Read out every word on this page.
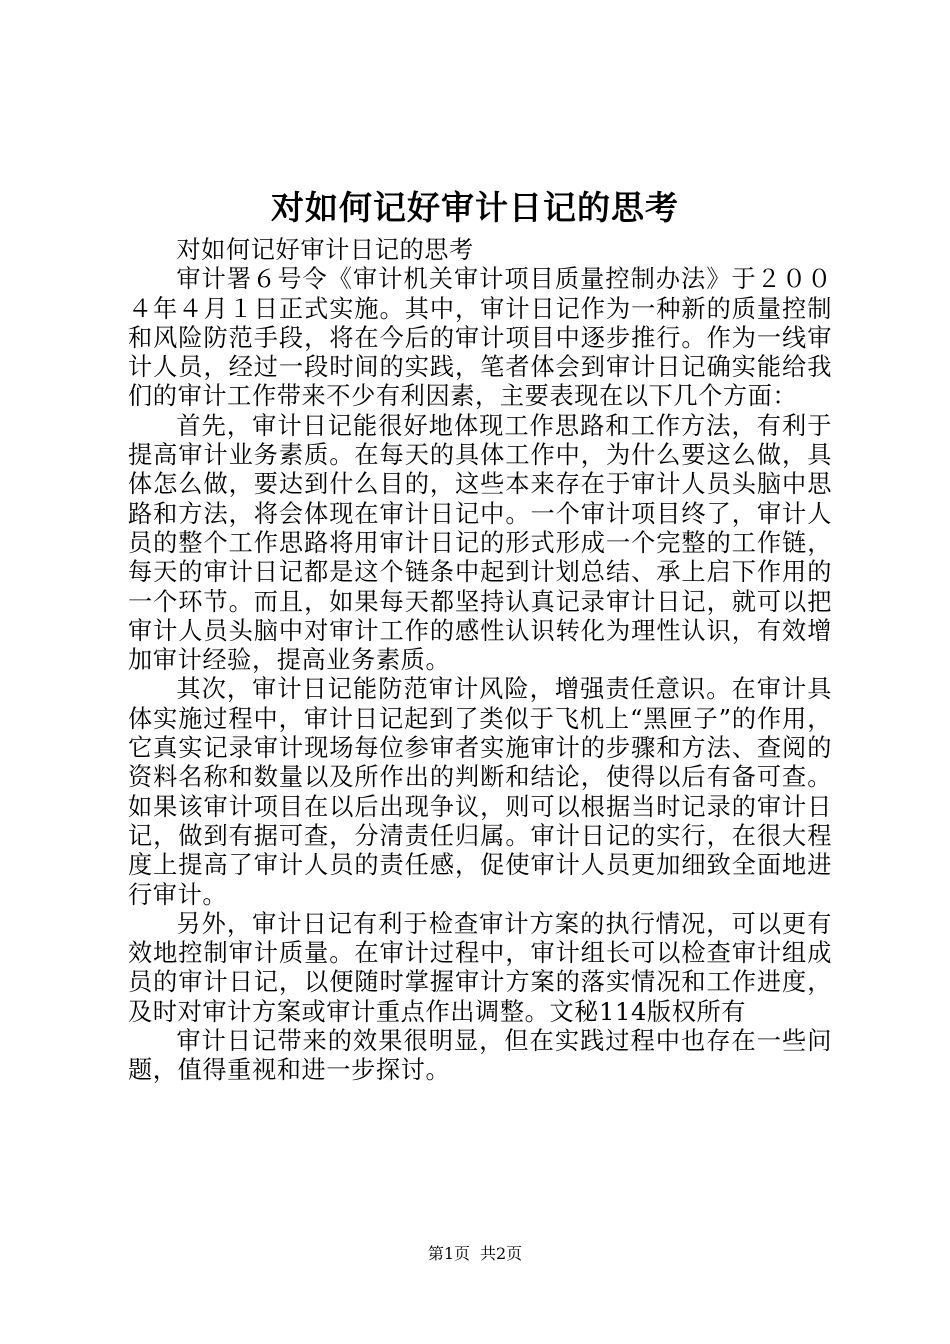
对如何记好审计日记的思考

对如何记好审计日记的思考

审计署６号令《审计机关审计项目质量控制办法》于２００４年４月１日正式实施。其中，审计日记作为一种新的质量控制和风险防范手段，将在今后的审计项目中逐步推行。作为一线审计人员，经过一段时间的实践，笔者体会到审计日记确实能给我们的审计工作带来不少有利因素，主要表现在以下几个方面：

首先，审计日记能很好地体现工作思路和工作方法，有利于提高审计业务素质。在每天的具体工作中，为什么要这么做，具体怎么做，要达到什么目的，这些本来存在于审计人员头脑中思路和方法，将会体现在审计日记中。一个审计项目终了，审计人员的整个工作思路将用审计日记的形式形成一个完整的工作链，每天的审计日记都是这个链条中起到计划总结、承上启下作用的一个环节。而且，如果每天都坚持认真记录审计日记，就可以把审计人员头脑中对审计工作的感性认识转化为理性认识，有效增加审计经验，提高业务素质。

其次，审计日记能防范审计风险，增强责任意识。在审计具体实施过程中，审计日记起到了类似于飞机上“黑匣子”的作用，它真实记录审计现场每位参审者实施审计的步骤和方法、查阅的资料名称和数量以及所作出的判断和结论，使得以后有备可查。如果该审计项目在以后出现争议，则可以根据当时记录的审计日记，做到有据可查，分清责任归属。审计日记的实行，在很大程度上提高了审计人员的责任感，促使审计人员更加细致全面地进行审计。

另外，审计日记有利于检查审计方案的执行情况，可以更有效地控制审计质量。在审计过程中，审计组长可以检查审计组成员的审计日记，以便随时掌握审计方案的落实情况和工作进度，及时对审计方案或审计重点作出调整。文秘114版权所有

审计日记带来的效果很明显，但在实践过程中也存在一些问题，值得重视和进一步探讨。

第1页 共2页
